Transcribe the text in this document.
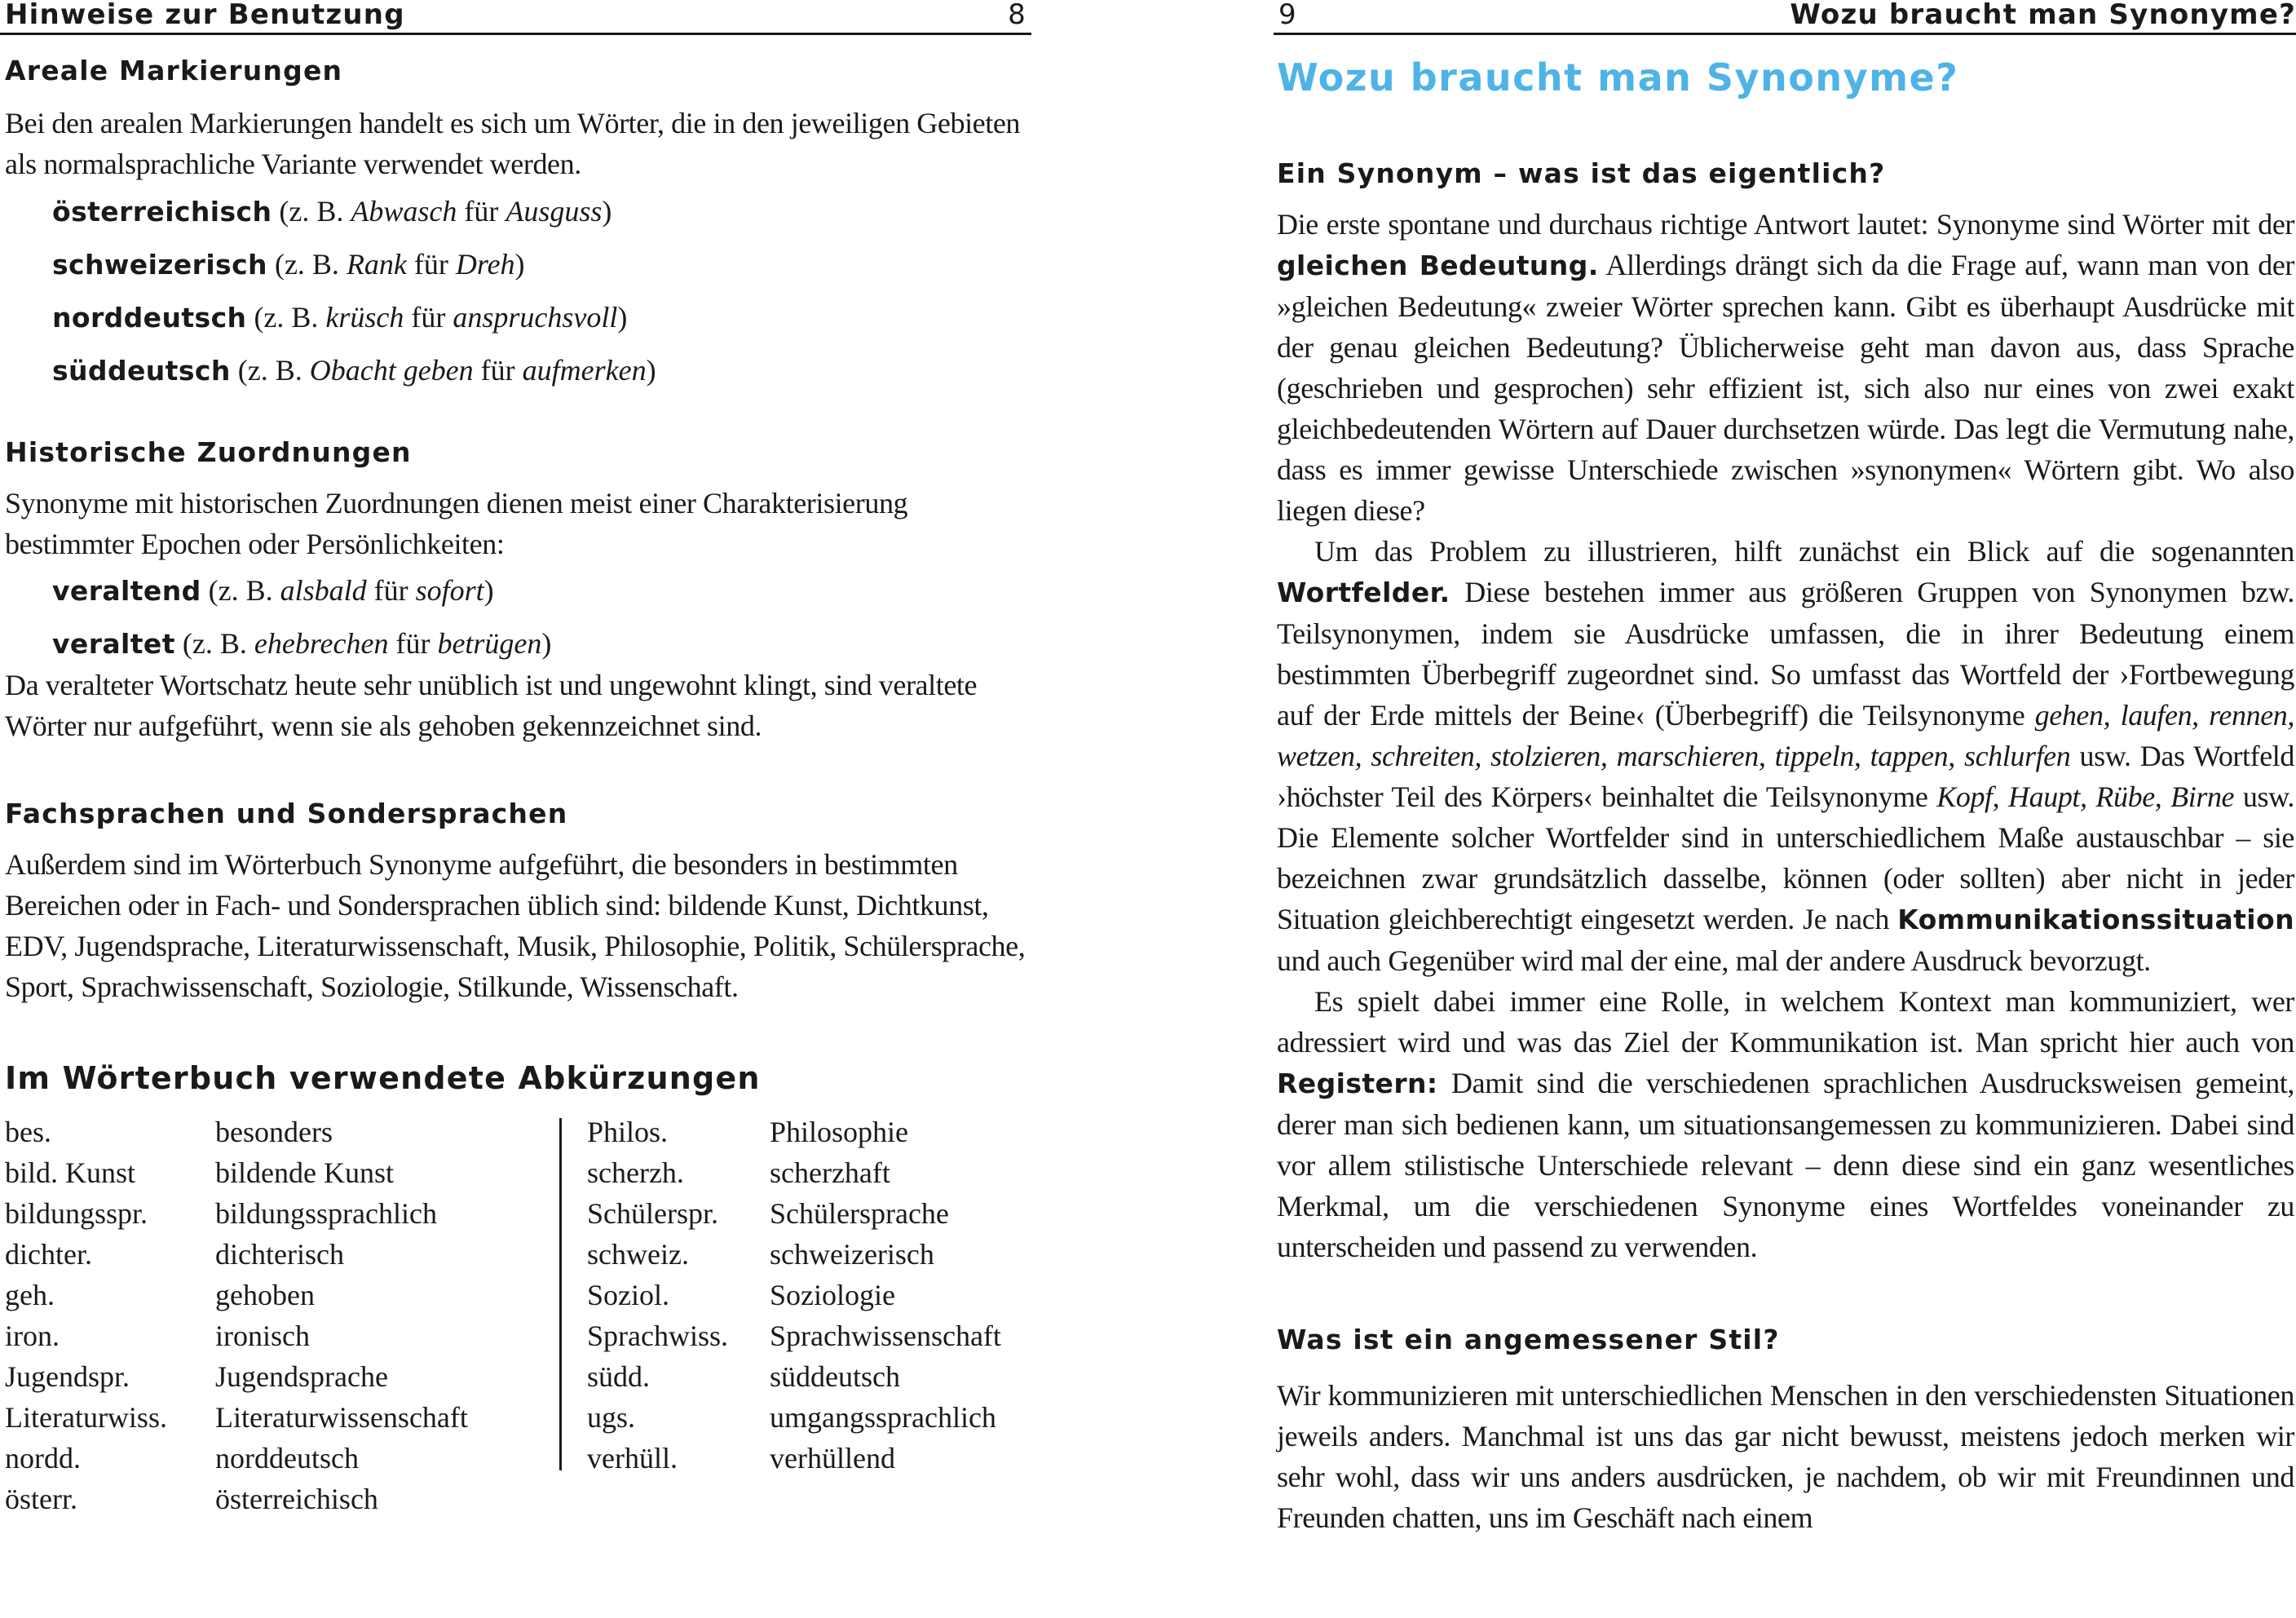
Hinweise zur Benutzung	8
Areale Markierungen

Bei den arealen Markierungen handelt es sich um Wörter, die in den jeweiligen Gebieten als normalsprachliche Variante verwendet werden.

österreichisch (z. B. Abwasch für Ausguss)
schweizerisch (z. B. Rank für Dreh)
norddeutsch (z. B. krüsch für anspruchsvoll)
süddeutsch (z. B. Obacht geben für aufmerken)
Historische Zuordnungen

Synonyme mit historischen Zuordnungen dienen meist einer Charakterisierung bestimmter Epochen oder Persönlichkeiten:

veraltend (z. B. alsbald für sofort)
veraltet (z. B. ehebrechen für betrügen)

Da veralteter Wortschatz heute sehr unüblich ist und ungewohnt klingt, sind veraltete Wörter nur aufgeführt, wenn sie als gehoben gekennzeichnet sind.

Fachsprachen und Sondersprachen

Außerdem sind im Wörterbuch Synonyme aufgeführt, die besonders in bestimmten Bereichen oder in Fach- und Sondersprachen üblich sind: bildende Kunst, Dichtkunst, EDV, Jugendsprache, Literaturwissenschaft, Musik, Philosophie, Politik, Schülersprache, Sport, Sprachwissenschaft, Soziologie, Stilkunde, Wissenschaft.

Im Wörterbuch verwendete Abkürzungen
bes.	besonders
bild. Kunst	bildende Kunst
bildungsspr. bildungssprachlich
dichter.	dichterisch
geh.	gehoben
iron.	ironisch
Jugendspr.	Jugendsprache
Literaturwiss. Literaturwissenschaft
nordd.	norddeutsch
österr.	österreichisch
Philos.	Philosophie
scherzh.	scherzhaft
Schülerspr. Schülersprache
schweiz.	schweizerisch
Soziol.	Soziologie
Sprachwiss. Sprachwissenschaft
südd.	süddeutsch
ugs.	umgangssprachlich
verhüll.	verhüllend
9	Wozu braucht man Synonyme?
Wozu braucht man Synonyme?
Ein Synonym – was ist das eigentlich?

Die erste spontane und durchaus richtige Antwort lautet: Synonyme sind Wörter mit der gleichen Bedeutung. Allerdings drängt sich da die Frage auf, wann man von der »gleichen Bedeutung« zweier Wörter sprechen kann. Gibt es überhaupt Ausdrücke mit der genau gleichen Bedeutung? Üblicherweise geht man davon aus, dass Sprache (geschrieben und gesprochen) sehr effizient ist, sich also nur eines von zwei exakt gleichbedeutenden Wörtern auf Dauer durchsetzen würde. Das legt die Vermutung nahe, dass es immer gewisse Unterschiede zwischen »synonymen« Wörtern gibt. Wo also liegen diese?

Um das Problem zu illustrieren, hilft zunächst ein Blick auf die sogenannten Wortfelder. Diese bestehen immer aus größeren Gruppen von Synonymen bzw. Teilsynonymen, indem sie Ausdrücke umfassen, die in ihrer Bedeutung einem bestimmten Überbegriff zugeordnet sind. So umfasst das Wortfeld der ›Fortbewegung auf der Erde mittels der Beine‹ (Überbegriff) die Teilsynonyme gehen, laufen, rennen, wetzen, schreiten, stolzieren, marschieren, tippeln, tappen, schlurfen usw. Das Wortfeld ›höchster Teil des Körpers‹ beinhaltet die Teilsynonyme Kopf, Haupt, Rübe, Birne usw. Die Elemente solcher Wortfelder sind in unterschiedlichem Maße austauschbar – sie bezeichnen zwar grundsätzlich dasselbe, können (oder sollten) aber nicht in jeder Situation gleichberechtigt eingesetzt werden. Je nach Kommunikationssituation und auch Gegenüber wird mal der eine, mal der andere Ausdruck bevorzugt.

Es spielt dabei immer eine Rolle, in welchem Kontext man kommuniziert, wer adressiert wird und was das Ziel der Kommunikation ist. Man spricht hier auch von Registern: Damit sind die verschiedenen sprachlichen Ausdrucksweisen gemeint, derer man sich bedienen kann, um situationsangemessen zu kommunizieren. Dabei sind vor allem stilistische Unterschiede relevant – denn diese sind ein ganz wesentliches Merkmal, um die verschiedenen Synonyme eines Wortfeldes voneinander zu unterscheiden und passend zu verwenden.

Was ist ein angemessener Stil?

Wir kommunizieren mit unterschiedlichen Menschen in den verschiedensten Situationen jeweils anders. Manchmal ist uns das gar nicht bewusst, meistens jedoch merken wir sehr wohl, dass wir uns anders ausdrücken, je nachdem, ob wir mit Freundinnen und Freunden chatten, uns im Geschäft nach einem
